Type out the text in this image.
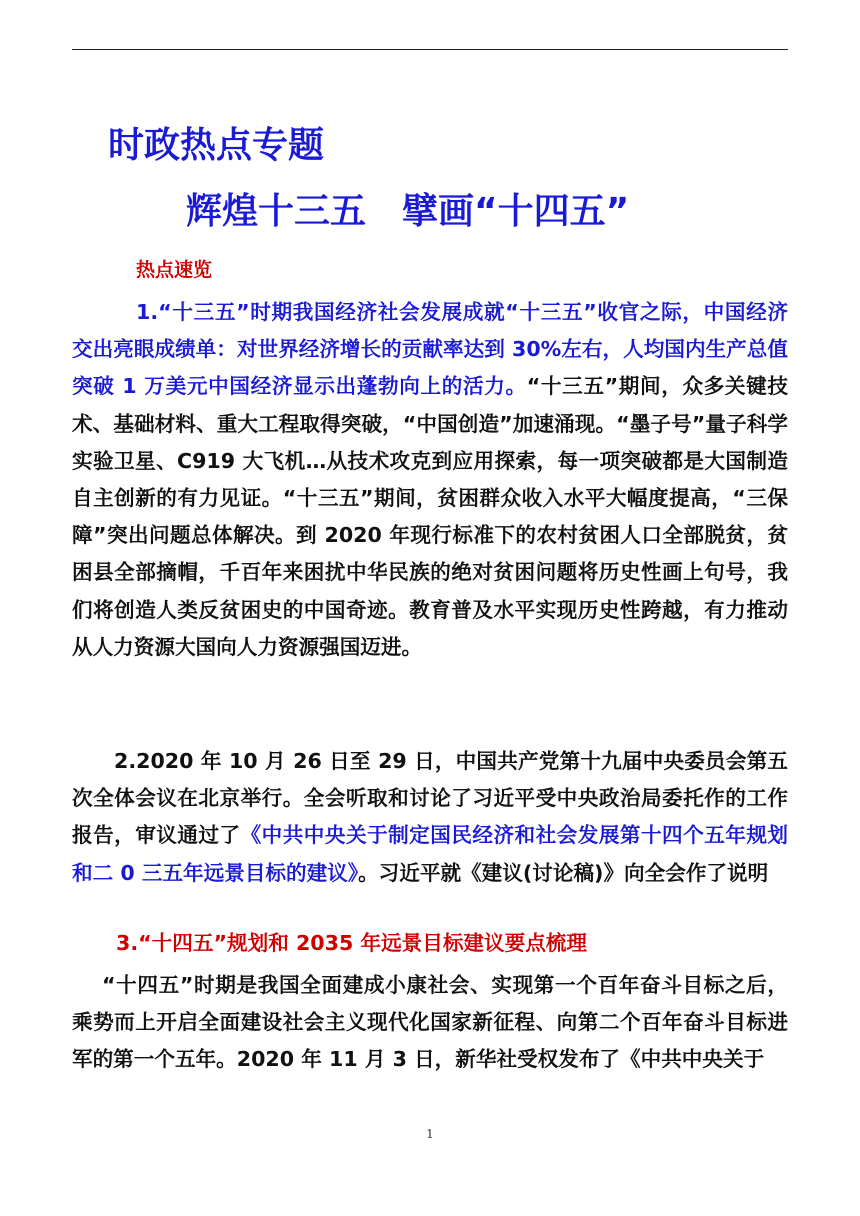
时政热点专题
辉煌十三五　擘画“十四五”
热点速览

1.“十三五”时期我国经济社会发展成就“十三五”收官之际，中国经济交出亮眼成绩单：对世界经济增长的贡献率达到 30%左右，人均国内生产总值突破 1 万美元中国经济显示出蓬勃向上的活力。“十三五”期间，众多关键技术、基础材料、重大工程取得突破，“中国创造”加速涌现。“墨子号”量子科学实验卫星、C919 大飞机…从技术攻克到应用探索，每一项突破都是大国制造自主创新的有力见证。“十三五”期间，贫困群众收入水平大幅度提高，“三保障”突出问题总体解决。到 2020 年现行标准下的农村贫困人口全部脱贫，贫困县全部摘帽，千百年来困扰中华民族的绝对贫困问题将历史性画上句号，我们将创造人类反贫困史的中国奇迹。教育普及水平实现历史性跨越，有力推动从人力资源大国向人力资源强国迈进。

2.2020 年 10 月 26 日至 29 日，中国共产党第十九届中央委员会第五次全体会议在北京举行。全会听取和讨论了习近平受中央政治局委托作的工作报告，审议通过了《中共中央关于制定国民经济和社会发展第十四个五年规划和二 0 三五年远景目标的建议》。习近平就《建议(讨论稿)》向全会作了说明

3.“十四五”规划和 2035 年远景目标建议要点梳理

“十四五”时期是我国全面建成小康社会、实现第一个百年奋斗目标之后，乘势而上开启全面建设社会主义现代化国家新征程、向第二个百年奋斗目标进军的第一个五年。2020 年 11 月 3 日，新华社受权发布了《中共中央关于

1
